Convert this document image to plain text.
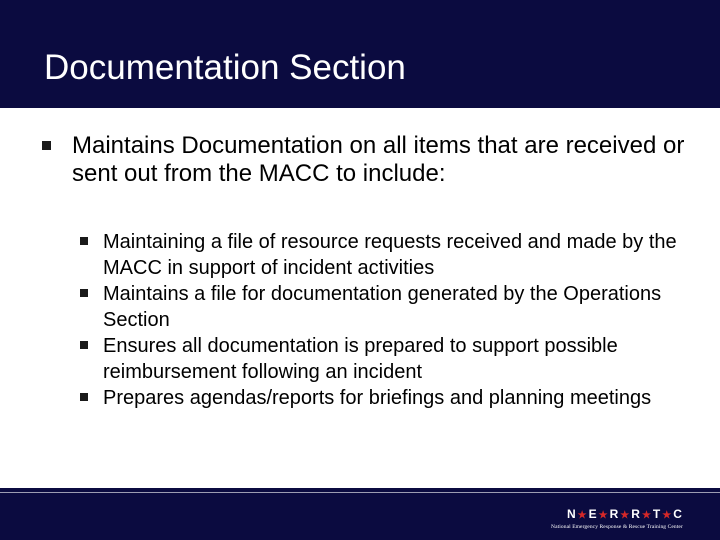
Documentation Section
Maintains Documentation on all items that are received or sent out from the MACC to include:
Maintaining a file of resource requests received and made by the MACC in support of incident activities
Maintains a file for documentation generated by the Operations Section
Ensures all documentation is prepared to support possible reimbursement following an incident
Prepares agendas/reports for briefings and planning meetings
N★E★R★R★T★C
National Emergency Response & Rescue Training Center
